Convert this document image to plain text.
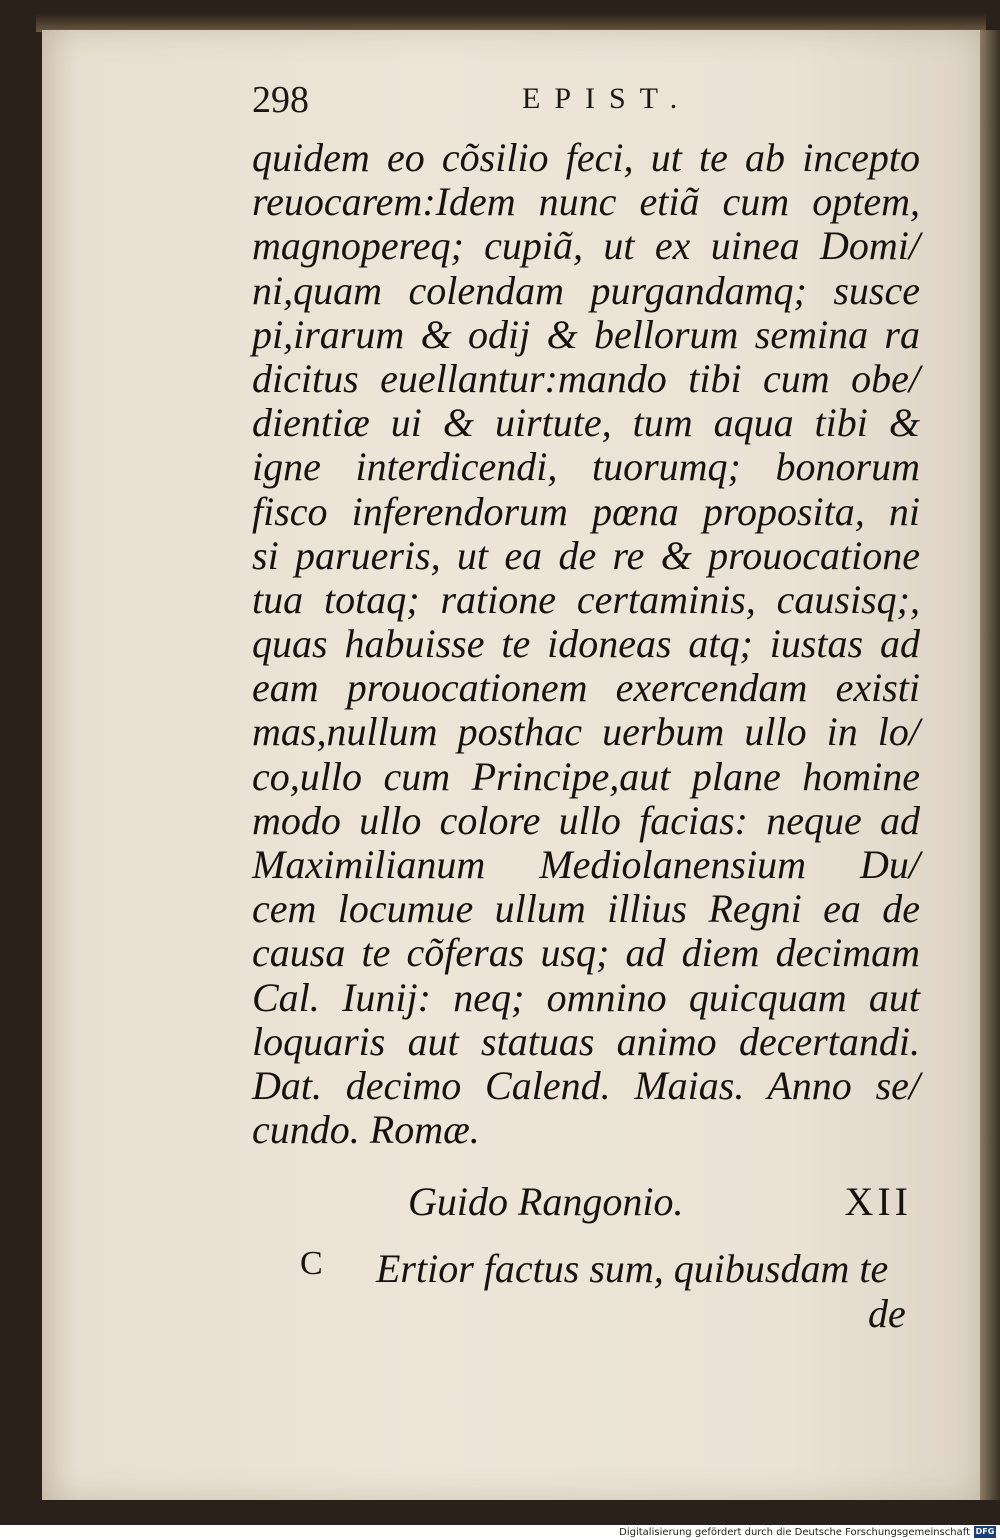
298	EPIST.
quidem eo cõsilio feci, ut te ab incepto
reuocarem:Idem nunc etiã cum optem,
magnopereq; cupiã, ut ex uinea Domi/
ni,quam colendam purgandamq; susce
pi,irarum & odij & bellorum semina ra
dicitus euellantur:mando tibi cum obe/
dientiæ ui & uirtute, tum aqua tibi &
igne interdicendi, tuorumq; bonorum
fisco inferendorum pœna proposita, ni
si parueris, ut ea de re & prouocatione
tua totaq; ratione certaminis, causisq;,
quas habuisse te idoneas atq; iustas ad
eam prouocationem exercendam existi
mas,nullum posthac uerbum ullo in lo/
co,ullo cum Principe,aut plane homine
modo ullo colore ullo facias: neque ad
Maximilianum Mediolanensium Du/
cem locumue ullum illius Regni ea de
causa te cõferas usq; ad diem decimam
Cal. Iunij: neq; omnino quicquam aut
loquaris aut statuas animo decertandi.
Dat. decimo Calend. Maias. Anno se/
cundo. Romæ.
Guido Rangonio.	XII
C Ertior factus sum, quibusdam te
de
Digitalisierung gefördert durch die Deutsche Forschungsgemeinschaft DFG
